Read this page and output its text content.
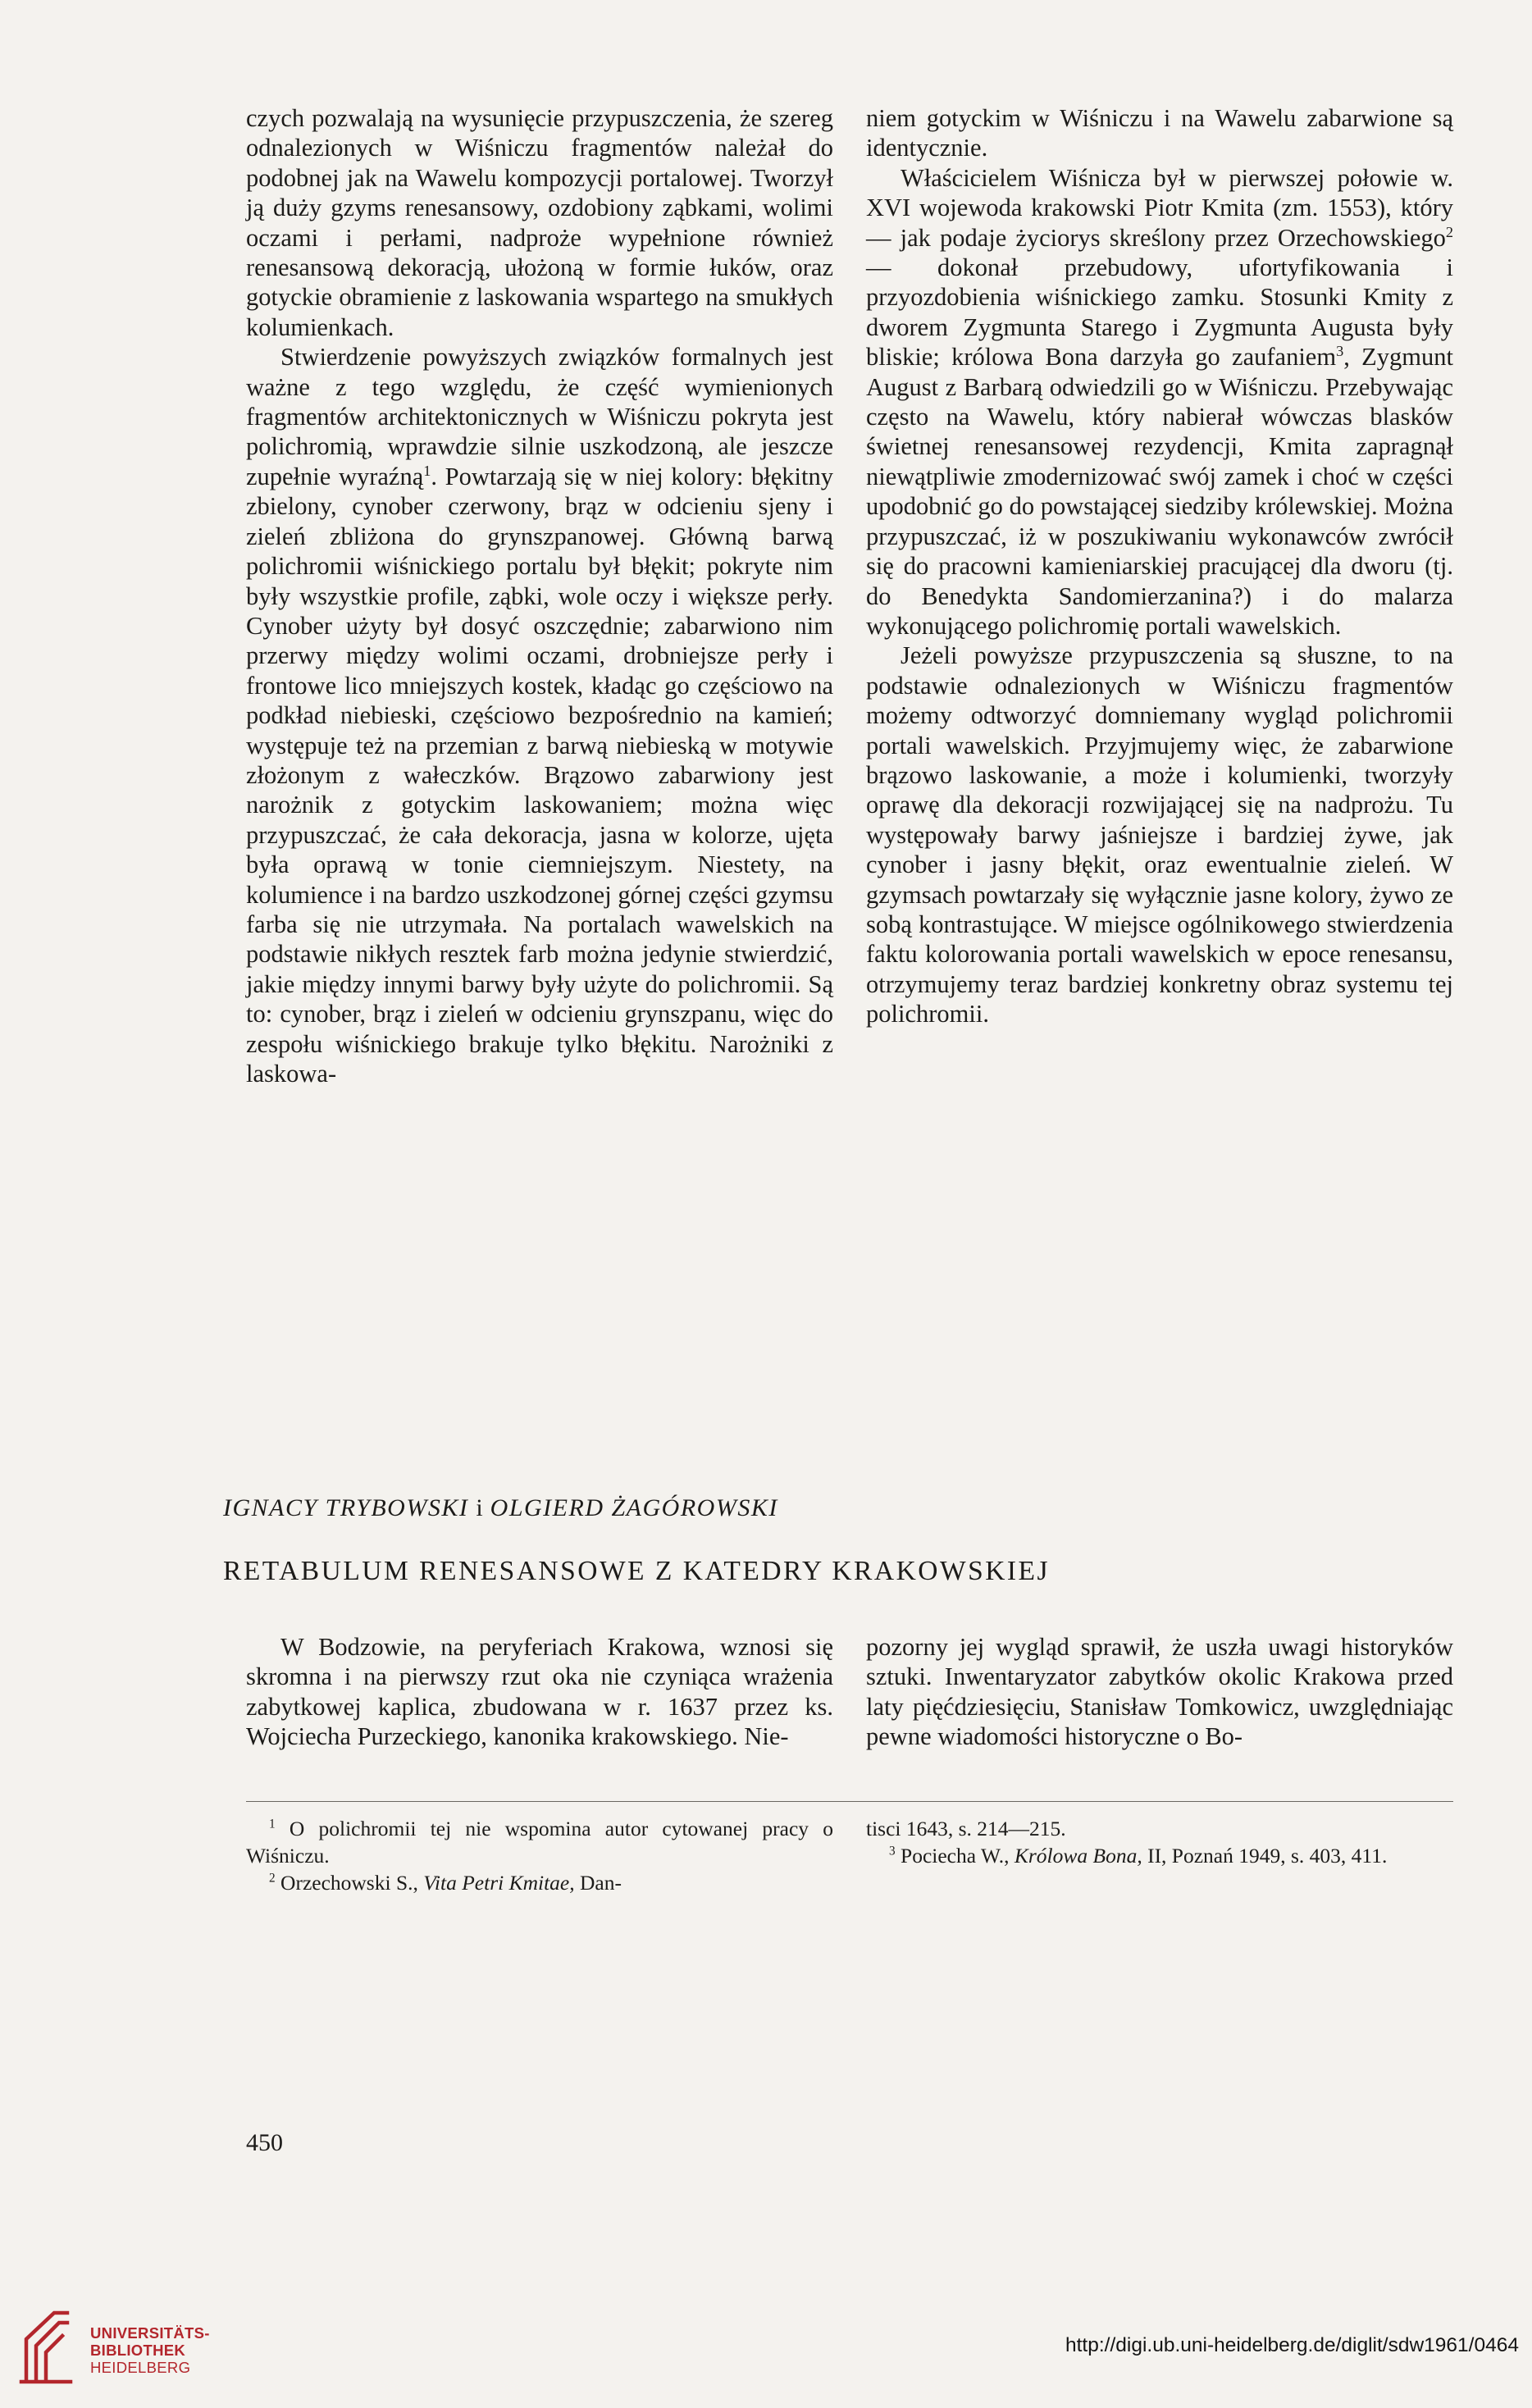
czych pozwalają na wysunięcie przypuszczenia, że szereg odnalezionych w Wiśniczu fragmentów należał do podobnej jak na Wawelu kompozycji portalowej. Tworzył ją duży gzyms renesansowy, ozdobiony ząbkami, wolimi oczami i perłami, nadproże wypełnione również renesansową dekoracją, ułożoną w formie łuków, oraz gotyckie obramienie z laskowania wspartego na smukłych kolumienkach.

Stwierdzenie powyższych związków formalnych jest ważne z tego względu, że część wymienionych fragmentów architektonicznych w Wiśniczu pokryta jest polichromią, wprawdzie silnie uszkodzoną, ale jeszcze zupełnie wyraźną$^1$. Powtarzają się w niej kolory: błękitny zbielony, cynober czerwony, brąz w odcieniu sjeny i zieleń zbliżona do grynszpanowej. Główną barwą polichromii wiśnickiego portalu był błękit; pokryte nim były wszystkie profile, ząbki, wole oczy i większe perły. Cynober użyty był dosyć oszczędnie; zabarwiono nim przerwy między wolimi oczami, drobniejsze perły i frontowe lico mniejszych kostek, kładąc go częściowo na podkład niebieski, częściowo bezpośrednio na kamień; występuje też na przemian z barwą niebieską w motywie złożonym z wałeczków. Brązowo zabarwiony jest narożnik z gotyckim laskowaniem; można więc przypuszczać, że cała dekoracja, jasna w kolorze, ujęta była oprawą w tonie ciemniejszym. Niestety, na kolumience i na bardzo uszkodzonej górnej części gzymsu farba się nie utrzymała. Na portalach wawelskich na podstawie nikłych resztek farb można jedynie stwierdzić, jakie między innymi barwy były użyte do polichromii. Są to: cynober, brąz i zieleń w odcieniu grynszpanu, więc do zespołu wiśnickiego brakuje tylko błękitu. Narożniki z laskowa-

niem gotyckim w Wiśniczu i na Wawelu zabarwione są identycznie.

Właścicielem Wiśnicza był w pierwszej połowie w. XVI wojewoda krakowski Piotr Kmita (zm. 1553), który — jak podaje życiorys skreślony przez Orzechowskiego$^2$ — dokonał przebudowy, ufortyfikowania i przyozdobienia wiśnickiego zamku. Stosunki Kmity z dworem Zygmunta Starego i Zygmunta Augusta były bliskie; królowa Bona darzyła go zaufaniem$^3$, Zygmunt August z Barbarą odwiedzili go w Wiśniczu. Przebywając często na Wawelu, który nabierał wówczas blasków świetnej renesansowej rezydencji, Kmita zapragnął niewątpliwie zmodernizować swój zamek i choć w części upodobnić go do powstającej siedziby królewskiej. Można przypuszczać, iż w poszukiwaniu wykonawców zwrócił się do pracowni kamieniarskiej pracującej dla dworu (tj. do Benedykta Sandomierzanina?) i do malarza wykonującego polichromię portali wawelskich.

Jeżeli powyższe przypuszczenia są słuszne, to na podstawie odnalezionych w Wiśniczu fragmentów możemy odtworzyć domniemany wygląd polichromii portali wawelskich. Przyjmujemy więc, że zabarwione brązowo laskowanie, a może i kolumienki, tworzyły oprawę dla dekoracji rozwijającej się na nadprożu. Tu występowały barwy jaśniejsze i bardziej żywe, jak cynober i jasny błękit, oraz ewentualnie zieleń. W gzymsach powtarzały się wyłącznie jasne kolory, żywo ze sobą kontrastujące. W miejsce ogólnikowego stwierdzenia faktu kolorowania portali wawelskich w epoce renesansu, otrzymujemy teraz bardziej konkretny obraz systemu tej polichromii.

IGNACY TRYBOWSKI i OLGIERD ŻAGÓROWSKI
RETABULUM RENESANSOWE Z KATEDRY KRAKOWSKIEJ

W Bodzowie, na peryferiach Krakowa, wznosi się skromna i na pierwszy rzut oka nie czyniąca wrażenia zabytkowej kaplica, zbudowana w r. 1637 przez ks. Wojciecha Purzeckiego, kanonika krakowskiego. Nie-

pozorny jej wygląd sprawił, że uszła uwagi historyków sztuki. Inwentaryzator zabytków okolic Krakowa przed laty pięćdziesięciu, Stanisław Tomkowicz, uwzględniając pewne wiadomości historyczne o Bo-

$^1$ O polichromii tej nie wspomina autor cytowanej pracy o Wiśniczu.

$^2$ Orzechowski S., Vita Petri Kmitae, Dan-

tisci 1643, s. 214—215.

$^3$ Pociecha W., Królowa Bona, II, Poznań 1949, s. 403, 411.

450
UNIVERSITÄTS-
BIBLIOTHEK
HEIDELBERG
http://digi.ub.uni-heidelberg.de/diglit/sdw1961/0464
